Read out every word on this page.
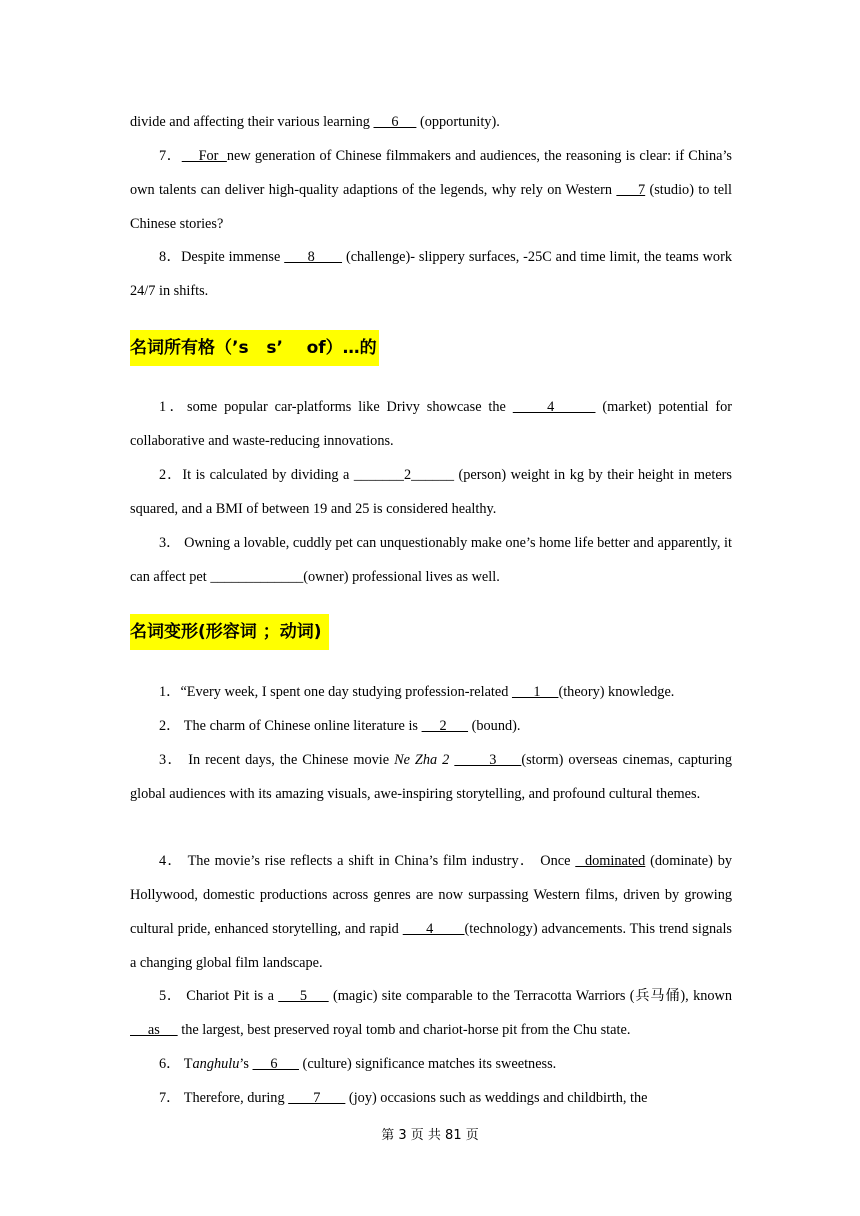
divide and affecting their various learning      6      (opportunity).

7．    For  new generation of Chinese filmmakers and audiences, the reasoning is clear: if China’s own talents can deliver high-quality adaptions of the legends, why rely on Western      7 (studio) to tell Chinese stories?

8．Despite immense       8        (challenge)- slippery surfaces, -25C and time limit, the teams work 24/7 in shifts.

名词所有格（’s   s’    of）…的

1．some popular car-platforms like Drivy showcase the      4       (market) potential for collaborative and waste-reducing innovations.

2．It is calculated by dividing a _______2______ (person) weight in kg by their height in meters squared, and a BMI of between 19 and 25 is considered healthy.

3． Owning a lovable, cuddly pet can unquestionably make one’s home life better and apparently, it can affect pet _____________(owner) professional lives as well.

名词变形(形容词 ；动词)

1．“Every week, I spent one day studying profession-related       1     (theory) knowledge.

2． The charm of Chinese online literature is      2       (bound).

3． In recent days, the Chinese movie Ne Zha 2        3     (storm) overseas cinemas, capturing global audiences with its amazing visuals, awe-inspiring storytelling, and profound cultural themes.

4． The movie’s rise reflects a shift in China’s film industry． Once   dominated (dominate) by Hollywood, domestic productions across genres are now surpassing Western films, driven by growing cultural pride, enhanced storytelling, and rapid       4        (technology) advancements. This trend signals a changing global film landscape.

5． Chariot Pit is a      5      (magic) site comparable to the Terracotta Warriors (兵马俑), known      as      the largest, best preserved royal tomb and chariot-horse pit from the Chu state.

6． Tanghulu’s      6       (culture) significance matches its sweetness.

7． Therefore, during        7        (joy) occasions such as weddings and childbirth, the

第 3 页 共 81 页
